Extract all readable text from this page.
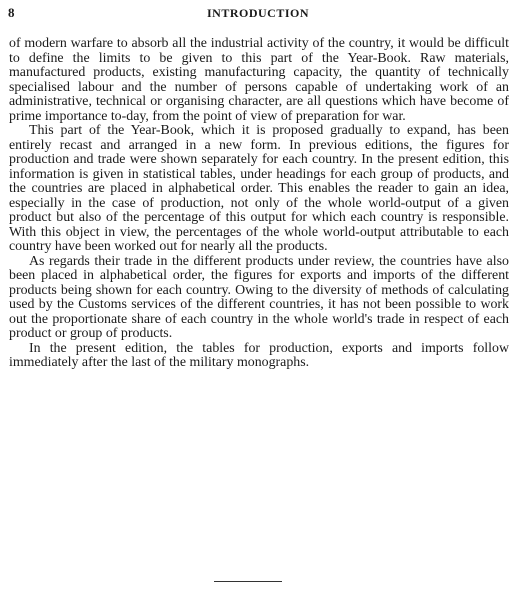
8	INTRODUCTION

of modern warfare to absorb all the industrial activity of the country, it would be difficult to define the limits to be given to this part of the Year-Book. Raw materials, manufactured products, existing manufacturing capacity, the quantity of technically specialised labour and the number of persons capable of undertaking work of an administrative, technical or organising character, are all questions which have become of prime importance to-day, from the point of view of preparation for war.

This part of the Year-Book, which it is proposed gradually to expand, has been entirely recast and arranged in a new form. In previous editions, the figures for production and trade were shown separately for each country. In the present edition, this information is given in statistical tables, under headings for each group of products, and the countries are placed in alphabetical order. This enables the reader to gain an idea, especially in the case of production, not only of the whole world-output of a given product but also of the percentage of this output for which each country is responsible. With this object in view, the percentages of the whole world-output attributable to each country have been worked out for nearly all the products.

As regards their trade in the different products under review, the countries have also been placed in alphabetical order, the figures for exports and imports of the different products being shown for each country. Owing to the diversity of methods of calculating used by the Customs services of the different countries, it has not been possible to work out the proportionate share of each country in the whole world's trade in respect of each product or group of products.

In the present edition, the tables for production, exports and imports follow immediately after the last of the military monographs.
